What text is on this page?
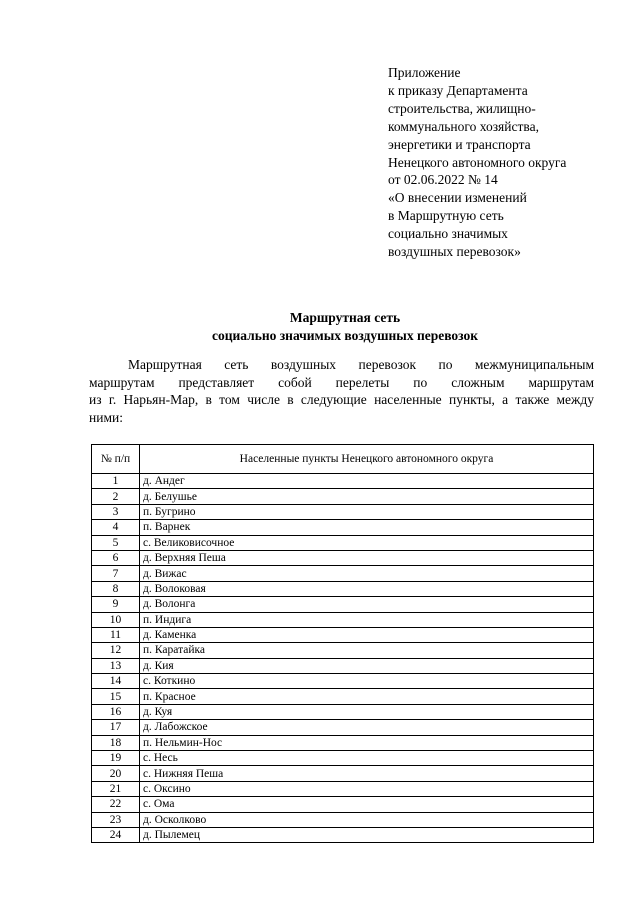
Приложение
к приказу Департамента
строительства, жилищно-
коммунального хозяйства,
энергетики и транспорта
Ненецкого автономного округа
от 02.06.2022 № 14
«О внесении изменений
в Маршрутную сеть
социально значимых
воздушных перевозок»
Маршрутная сеть
социально значимых воздушных перевозок
Маршрутная сеть воздушных перевозок по межмуниципальным
маршрутам представляет собой перелеты по сложным маршрутам
из г. Нарьян-Мар, в том числе в следующие населенные пункты, а также между
ними:
№ п/п	Населенные пункты Ненецкого автономного округа
1	д. Андег
2	д. Белушье
3	п. Бугрино
4	п. Варнек
5	с. Великовисочное
6	д. Верхняя Пеша
7	д. Вижас
8	д. Волоковая
9	д. Волонга
10	п. Индига
11	д. Каменка
12	п. Каратайка
13	д. Кия
14	с. Коткино
15	п. Красное
16	д. Куя
17	д. Лабожское
18	п. Нельмин-Нос
19	с. Несь
20	с. Нижняя Пеша
21	с. Оксино
22	с. Ома
23	д. Осколково
24	д. Пылемец
